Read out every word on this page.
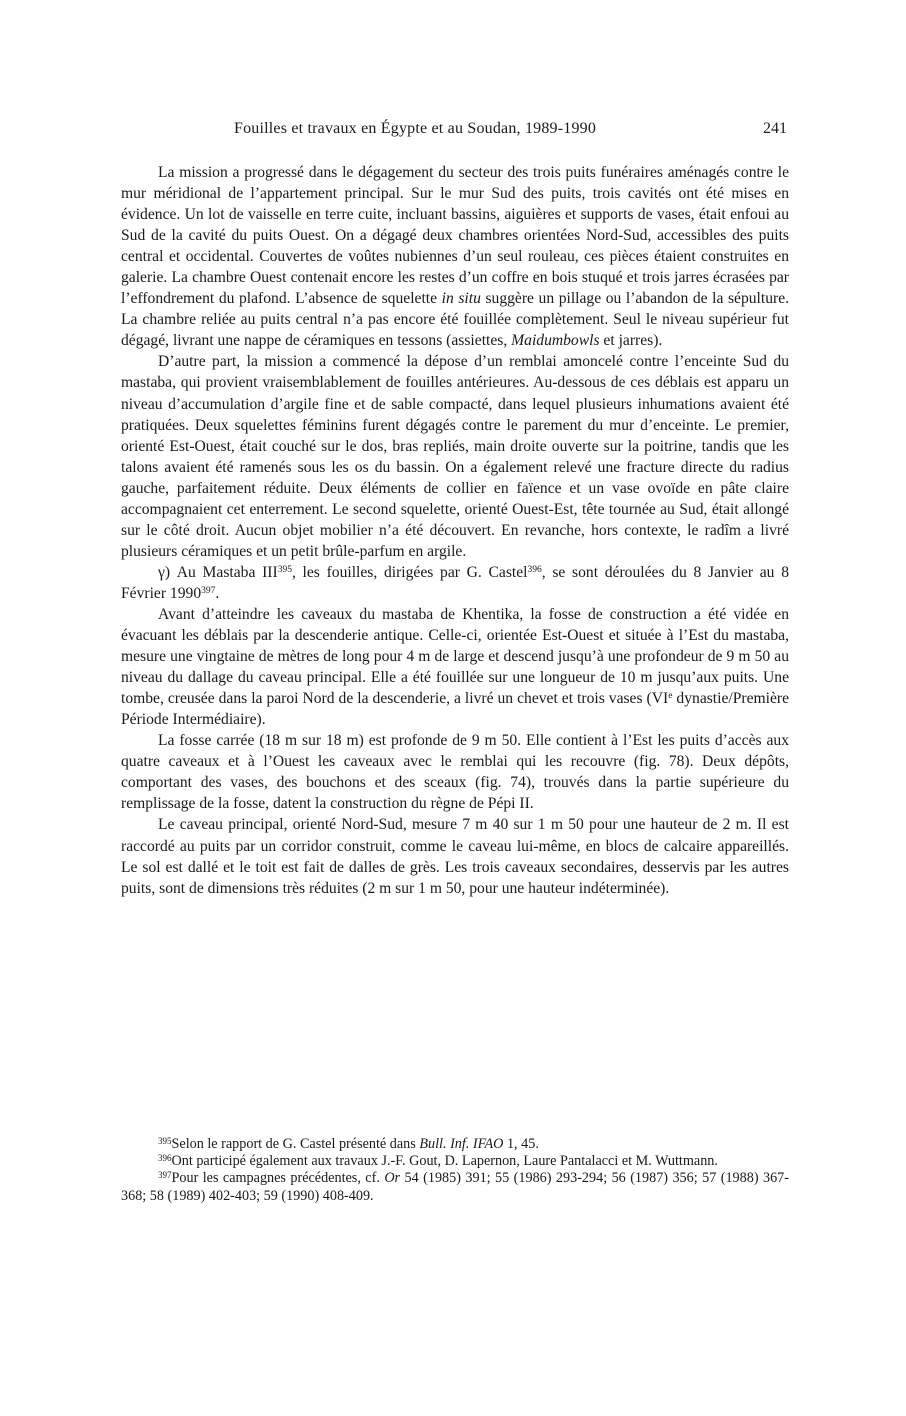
Fouilles et travaux en Égypte et au Soudan, 1989-1990	241

La mission a progressé dans le dégagement du secteur des trois puits funéraires aménagés contre le mur méridional de l’appartement principal. Sur le mur Sud des puits, trois cavités ont été mises en évidence. Un lot de vaisselle en terre cuite, incluant bassins, aiguières et supports de vases, était enfoui au Sud de la cavité du puits Ouest. On a dégagé deux chambres orientées Nord-Sud, accessibles des puits central et occidental. Couvertes de voûtes nubiennes d’un seul rouleau, ces pièces étaient construites en galerie. La chambre Ouest contenait encore les restes d’un coffre en bois stuqué et trois jarres écrasées par l’effondrement du plafond. L’absence de squelette in situ suggère un pillage ou l’abandon de la sépulture. La chambre reliée au puits central n’a pas encore été fouillée complètement. Seul le niveau supérieur fut dégagé, livrant une nappe de céramiques en tessons (assiettes, Maidumbowls et jarres).

D’autre part, la mission a commencé la dépose d’un remblai amoncelé contre l’enceinte Sud du mastaba, qui provient vraisemblablement de fouilles antérieures. Au-dessous de ces déblais est apparu un niveau d’accumulation d’argile fine et de sable compacté, dans lequel plusieurs inhumations avaient été pratiquées. Deux squelettes féminins furent dégagés contre le parement du mur d’enceinte. Le premier, orienté Est-Ouest, était couché sur le dos, bras repliés, main droite ouverte sur la poitrine, tandis que les talons avaient été ramenés sous les os du bassin. On a également relevé une fracture directe du radius gauche, parfaitement réduite. Deux éléments de collier en faïence et un vase ovoïde en pâte claire accompagnaient cet enterrement. Le second squelette, orienté Ouest-Est, tête tournée au Sud, était allongé sur le côté droit. Aucun objet mobilier n’a été découvert. En revanche, hors contexte, le radîm a livré plusieurs céramiques et un petit brûle-parfum en argile.

γ) Au Mastaba III$^{395}$, les fouilles, dirigées par G. Castel$^{396}$, se sont déroulées du 8 Janvier au 8 Février 1990$^{397}$.

Avant d’atteindre les caveaux du mastaba de Khentika, la fosse de construction a été vidée en évacuant les déblais par la descenderie antique. Celle-ci, orientée Est-Ouest et située à l’Est du mastaba, mesure une vingtaine de mètres de long pour 4 m de large et descend jusqu’à une profondeur de 9 m 50 au niveau du dallage du caveau principal. Elle a été fouillée sur une longueur de 10 m jusqu’aux puits. Une tombe, creusée dans la paroi Nord de la descenderie, a livré un chevet et trois vases (VIe dynastie/Première Période Intermédiaire).

La fosse carrée (18 m sur 18 m) est profonde de 9 m 50. Elle contient à l’Est les puits d’accès aux quatre caveaux et à l’Ouest les caveaux avec le remblai qui les recouvre (fig. 78). Deux dépôts, comportant des vases, des bouchons et des sceaux (fig. 74), trouvés dans la partie supérieure du remplissage de la fosse, datent la construction du règne de Pépi II.

Le caveau principal, orienté Nord-Sud, mesure 7 m 40 sur 1 m 50 pour une hauteur de 2 m. Il est raccordé au puits par un corridor construit, comme le caveau lui-même, en blocs de calcaire appareillés. Le sol est dallé et le toit est fait de dalles de grès. Les trois caveaux secondaires, desservis par les autres puits, sont de dimensions très réduites (2 m sur 1 m 50, pour une hauteur indéterminée).

$^{395}$Selon le rapport de G. Castel présenté dans Bull. Inf. IFAO 1, 45.

$^{396}$Ont participé également aux travaux J.-F. Gout, D. Lapernon, Laure Pantalacci et M. Wuttmann.

$^{397}$Pour les campagnes précédentes, cf. Or 54 (1985) 391; 55 (1986) 293-294; 56 (1987) 356; 57 (1988) 367-368; 58 (1989) 402-403; 59 (1990) 408-409.
